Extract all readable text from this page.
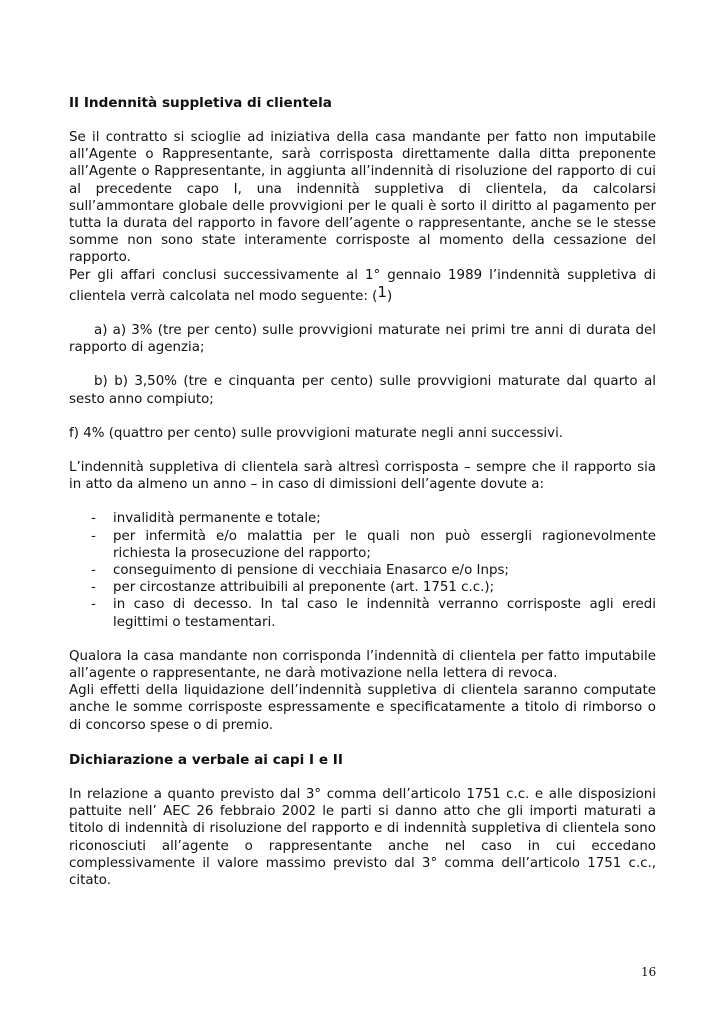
II Indennità suppletiva di clientela

Se il contratto si scioglie ad iniziativa della casa mandante per fatto non imputabile all’Agente o Rappresentante, sarà corrisposta direttamente dalla ditta preponente all’Agente o Rappresentante, in aggiunta all’indennità di risoluzione del rapporto di cui al precedente capo I, una indennità suppletiva di clientela, da calcolarsi sull’ammontare globale delle provvigioni per le quali è sorto il diritto al pagamento per tutta la durata del rapporto in favore dell’agente o rappresentante, anche se le stesse somme non sono state interamente corrisposte al momento della cessazione del rapporto.

Per gli affari conclusi successivamente al 1° gennaio 1989 l’indennità suppletiva di clientela verrà calcolata nel modo seguente: (1)

a) a) 3% (tre per cento) sulle provvigioni maturate nei primi tre anni di durata del rapporto di agenzia;

b) b) 3,50% (tre e cinquanta per cento) sulle provvigioni maturate dal quarto al sesto anno compiuto;

f) 4% (quattro per cento) sulle provvigioni maturate negli anni successivi.

L’indennità suppletiva di clientela sarà altresì corrisposta – sempre che il rapporto sia in atto da almeno un anno – in caso di dimissioni dell’agente dovute a:

- invalidità permanente e totale;
- per infermità e/o malattia per le quali non può essergli ragionevolmente richiesta la prosecuzione del rapporto;
- conseguimento di pensione di vecchiaia Enasarco e/o Inps;
- per circostanze attribuibili al preponente (art. 1751 c.c.);
- in caso di decesso. In tal caso le indennità verranno corrisposte agli eredi legittimi o testamentari.

Qualora la casa mandante non corrisponda l’indennità di clientela per fatto imputabile all’agente o rappresentante, ne darà motivazione nella lettera di revoca.

Agli effetti della liquidazione dell’indennità suppletiva di clientela saranno computate anche le somme corrisposte espressamente e specificatamente a titolo di rimborso o di concorso spese o di premio.

Dichiarazione a verbale ai capi I e II

In relazione a quanto previsto dal 3° comma dell’articolo 1751 c.c. e alle disposizioni pattuite nell’ AEC 26 febbraio 2002 le parti si danno atto che gli importi maturati a titolo di indennità di risoluzione del rapporto e di indennità suppletiva di clientela sono riconosciuti all’agente o rappresentante anche nel caso in cui eccedano complessivamente il valore massimo previsto dal 3° comma dell’articolo 1751 c.c., citato.

16
